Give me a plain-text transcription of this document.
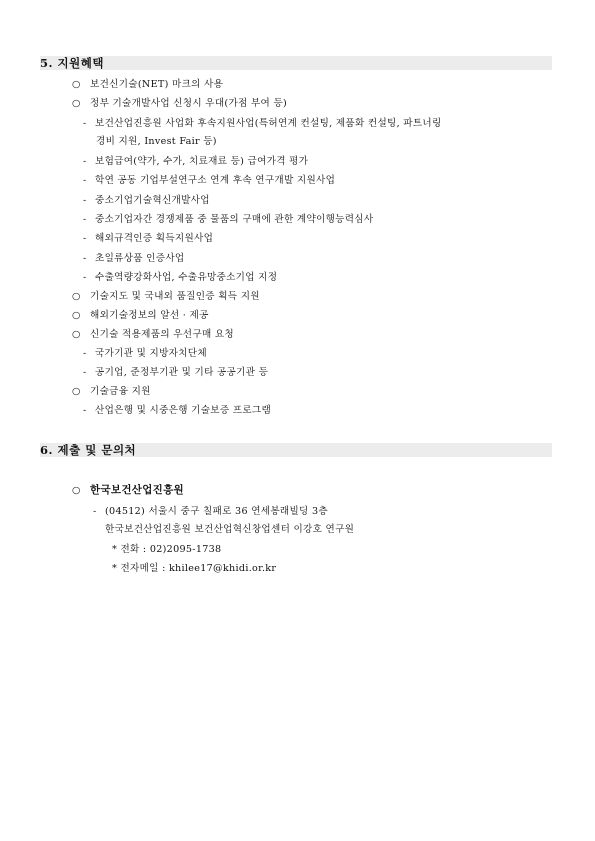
5. 지원혜택
○ 보건신기술(NET) 마크의 사용
○ 정부 기술개발사업 신청시 우대(가점 부여 등)
- 보건산업진흥원 사업화 후속지원사업(특허연계 컨설팅, 제품화 컨설팅, 파트너링
경비 지원, Invest Fair 등)
- 보험급여(약가, 수가, 치료재료 등) 급여가격 평가
- 학연 공동 기업부설연구소 연계 후속 연구개발 지원사업
- 중소기업기술혁신개발사업
- 중소기업자간 경쟁제품 중 물품의 구매에 관한 계약이행능력심사
- 해외규격인증 획득지원사업
- 초일류상품 인증사업
- 수출역량강화사업, 수출유망중소기업 지정
○ 기술지도 및 국내외 품질인증 획득 지원
○ 해외기술정보의 알선 · 제공
○ 신기술 적용제품의 우선구매 요청
- 국가기관 및 지방자치단체
- 공기업, 준정부기관 및 기타 공공기관 등
○ 기술금융 지원
- 산업은행 및 시중은행 기술보증 프로그램
6. 제출 및 문의처
○ 한국보건산업진흥원
- (04512) 서울시 중구 칠패로 36 연세봉래빌딩 3층
한국보건산업진흥원 보건산업혁신창업센터 이강호 연구원
* 전화 : 02)2095-1738
* 전자메일 : khilee17@khidi.or.kr
